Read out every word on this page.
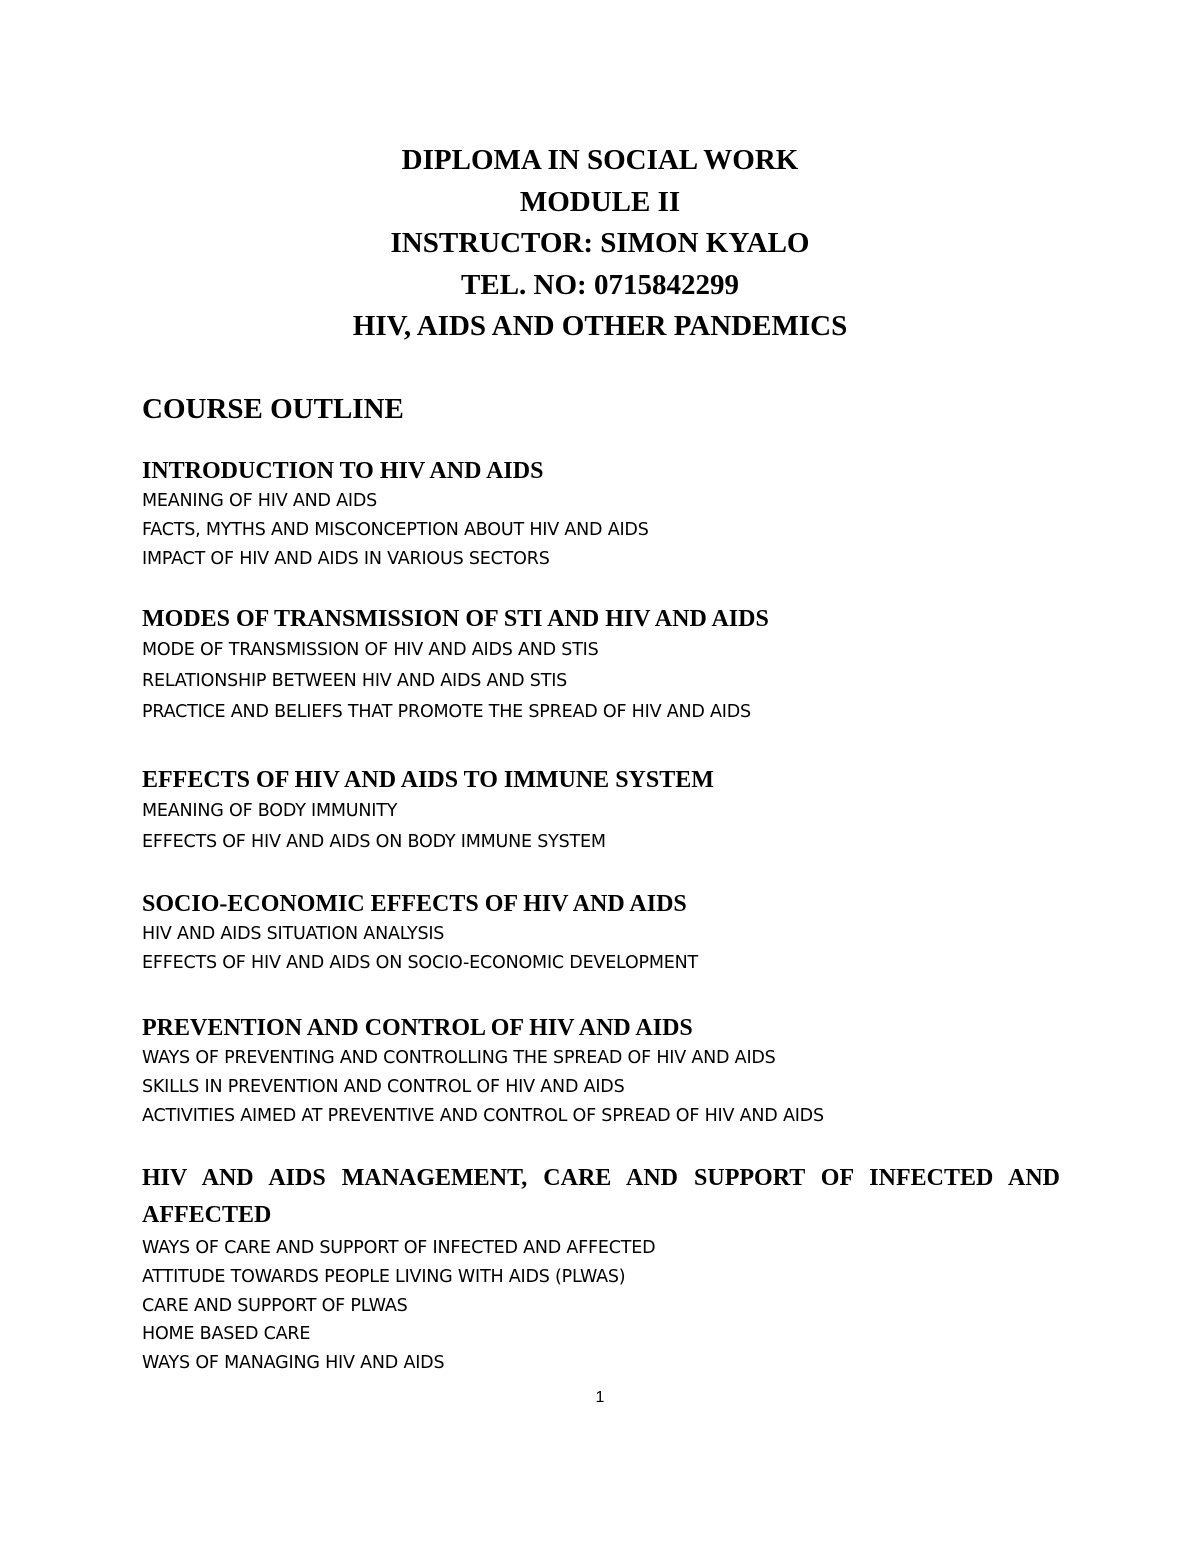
DIPLOMA IN SOCIAL WORK
MODULE II
INSTRUCTOR: SIMON KYALO
TEL. NO: 0715842299
HIV, AIDS AND OTHER PANDEMICS
COURSE OUTLINE
INTRODUCTION TO HIV AND AIDS
MEANING OF HIV AND AIDS
FACTS, MYTHS AND MISCONCEPTION ABOUT HIV AND AIDS
IMPACT OF HIV AND AIDS IN VARIOUS SECTORS
MODES OF TRANSMISSION OF STI AND HIV AND AIDS
MODE OF TRANSMISSION OF HIV AND AIDS AND STIS
RELATIONSHIP BETWEEN HIV AND AIDS AND STIS
PRACTICE AND BELIEFS THAT PROMOTE THE SPREAD OF HIV AND AIDS
EFFECTS OF HIV AND AIDS TO IMMUNE SYSTEM
MEANING OF BODY IMMUNITY
EFFECTS OF HIV AND AIDS ON BODY IMMUNE SYSTEM
SOCIO-ECONOMIC EFFECTS OF HIV AND AIDS
HIV AND AIDS SITUATION ANALYSIS
EFFECTS OF HIV AND AIDS ON SOCIO-ECONOMIC DEVELOPMENT
PREVENTION AND CONTROL OF HIV AND AIDS
WAYS OF PREVENTING AND CONTROLLING THE SPREAD OF HIV AND AIDS
SKILLS IN PREVENTION AND CONTROL OF HIV AND AIDS
ACTIVITIES AIMED AT PREVENTIVE AND CONTROL OF SPREAD OF HIV AND AIDS
HIV AND AIDS MANAGEMENT, CARE AND SUPPORT OF INFECTED AND AFFECTED
WAYS OF CARE AND SUPPORT OF INFECTED AND AFFECTED
ATTITUDE TOWARDS PEOPLE LIVING WITH AIDS (PLWAS)
CARE AND SUPPORT OF PLWAS
HOME BASED CARE
WAYS OF MANAGING HIV AND AIDS
1
